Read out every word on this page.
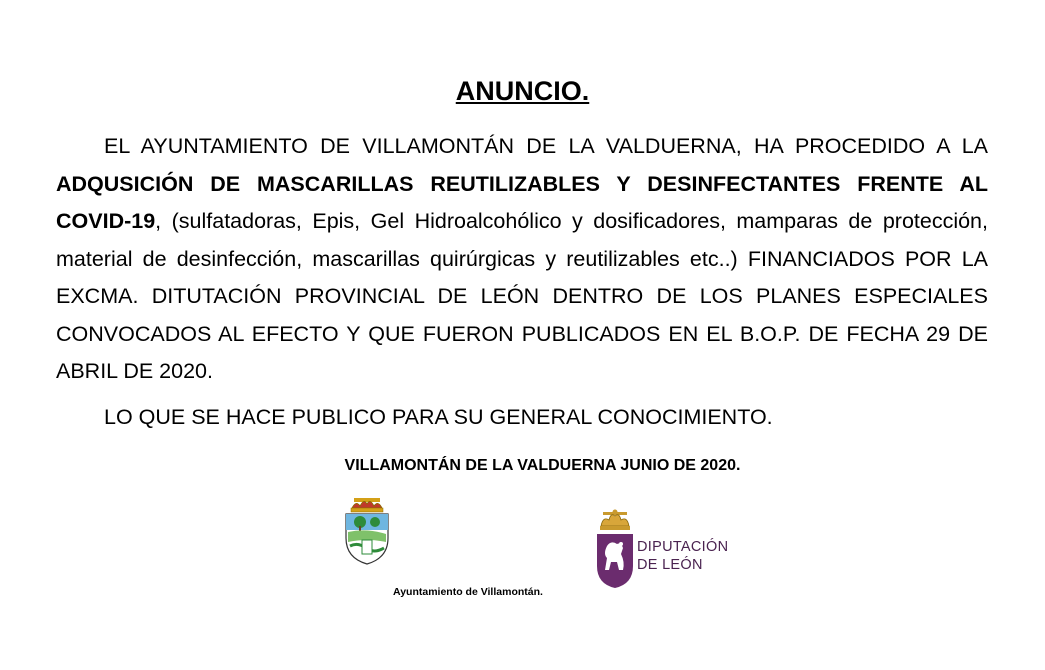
ANUNCIO.

EL AYUNTAMIENTO DE VILLAMONTÁN DE LA VALDUERNA, HA PROCEDIDO A LA ADQUSICIÓN DE MASCARILLAS REUTILIZABLES Y DESINFECTANTES FRENTE AL COVID-19, (sulfatadoras, Epis, Gel Hidroalcohólico y dosificadores, mamparas de protección, material de desinfección, mascarillas quirúrgicas y reutilizables etc..) FINANCIADOS POR LA EXCMA. DITUTACIÓN PROVINCIAL DE LEÓN DENTRO DE LOS PLANES ESPECIALES CONVOCADOS AL EFECTO Y QUE FUERON PUBLICADOS EN EL B.O.P. DE FECHA 29 DE ABRIL DE 2020.

LO QUE SE HACE PUBLICO PARA SU GENERAL CONOCIMIENTO.
VILLAMONTÁN DE LA VALDUERNA JUNIO DE 2020.
Ayuntamiento de Villamontán.
DIPUTACIÓN
DE LEÓN
